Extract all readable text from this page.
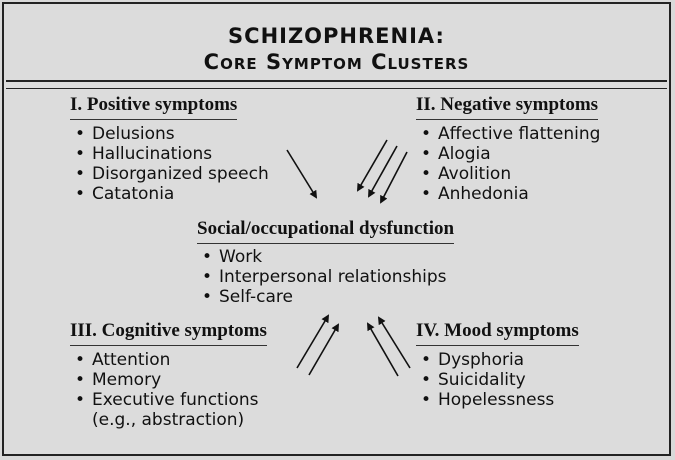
SCHIZOPHRENIA:
Core Symptom Clusters
I. Positive symptoms
• Delusions
• Hallucinations
• Disorganized speech
• Catatonia
II. Negative symptoms
• Affective flattening
• Alogia
• Avolition
• Anhedonia
Social/occupational dysfunction
• Work
• Interpersonal relationships
• Self-care
III. Cognitive symptoms
• Attention
• Memory
• Executive functions
(e.g., abstraction)
IV. Mood symptoms
• Dysphoria
• Suicidality
• Hopelessness
